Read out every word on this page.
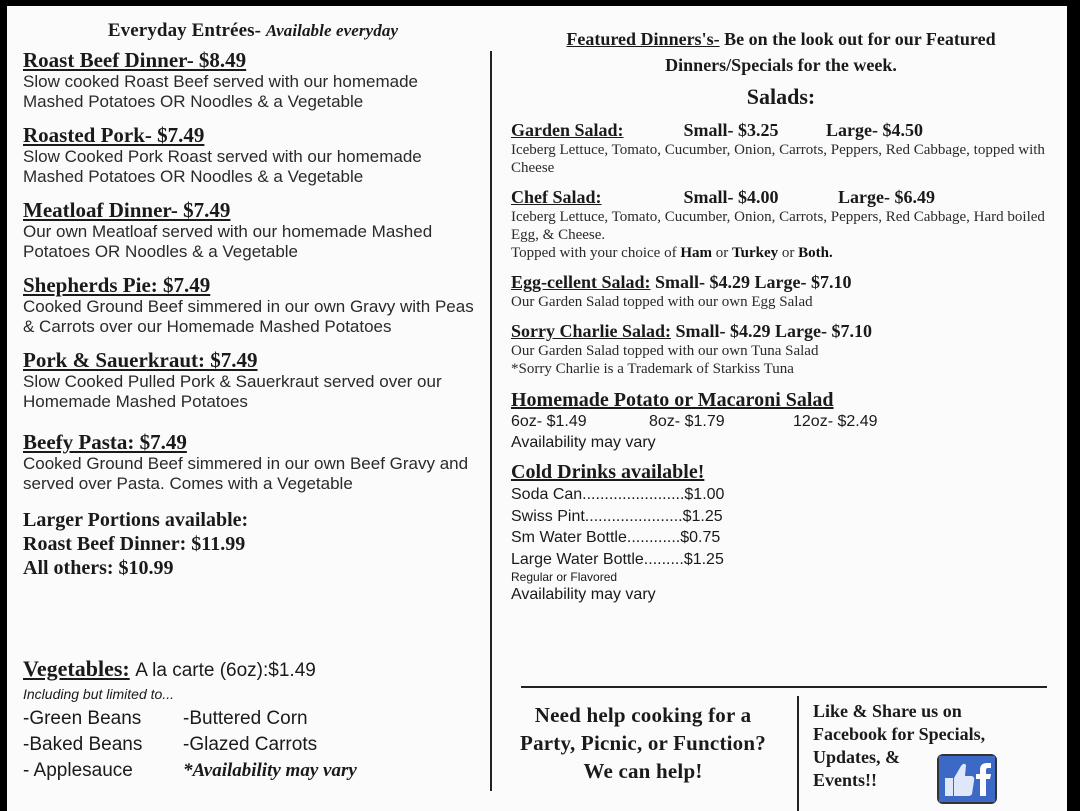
Everyday Entrées- Available everyday
Roast Beef Dinner- $8.49
Slow cooked Roast Beef served with our homemade Mashed Potatoes OR Noodles & a Vegetable
Roasted Pork- $7.49
Slow Cooked Pork Roast served with our homemade Mashed Potatoes OR Noodles & a Vegetable
Meatloaf Dinner- $7.49
Our own Meatloaf served with our homemade Mashed Potatoes OR Noodles & a Vegetable
Shepherds Pie: $7.49
Cooked Ground Beef simmered in our own Gravy with Peas & Carrots over our Homemade Mashed Potatoes
Pork & Sauerkraut: $7.49
Slow Cooked Pulled Pork & Sauerkraut served over our Homemade Mashed Potatoes
Beefy Pasta: $7.49
Cooked Ground Beef simmered in our own Beef Gravy and served over Pasta. Comes with a Vegetable
Larger Portions available:
Roast Beef Dinner: $11.99
All others: $10.99
Vegetables: A la carte (6oz):$1.49
Including but limited to...
-Green Beans	-Buttered Corn
-Baked Beans	-Glazed Carrots
- Applesauce	*Availability may vary
Featured Dinners's- Be on the look out for our Featured Dinners/Specials for the week.
Salads:
Garden Salad:	Small- $3.25	Large- $4.50
Iceberg Lettuce, Tomato, Cucumber, Onion, Carrots, Peppers, Red Cabbage, topped with Cheese
Chef Salad:	Small- $4.00	Large- $6.49
Iceberg Lettuce, Tomato, Cucumber, Onion, Carrots, Peppers, Red Cabbage, Hard boiled Egg, & Cheese.
Topped with your choice of Ham or Turkey or Both.
Egg-cellent Salad: Small- $4.29 Large- $7.10
Our Garden Salad topped with our own Egg Salad
Sorry Charlie Salad: Small- $4.29 Large- $7.10
Our Garden Salad topped with our own Tuna Salad
*Sorry Charlie is a Trademark of Starkiss Tuna
Homemade Potato or Macaroni Salad
6oz- $1.49	8oz- $1.79	12oz- $2.49
Availability may vary
Cold Drinks available!
Soda Can.......................$1.00
Swiss Pint......................$1.25
Sm Water Bottle............$0.75
Large Water Bottle.........$1.25
Regular or Flavored
Availability may vary
Need help cooking for a
Party, Picnic, or Function?
We can help!
Like & Share us on
Facebook for Specials,
Updates, &
Events!!
